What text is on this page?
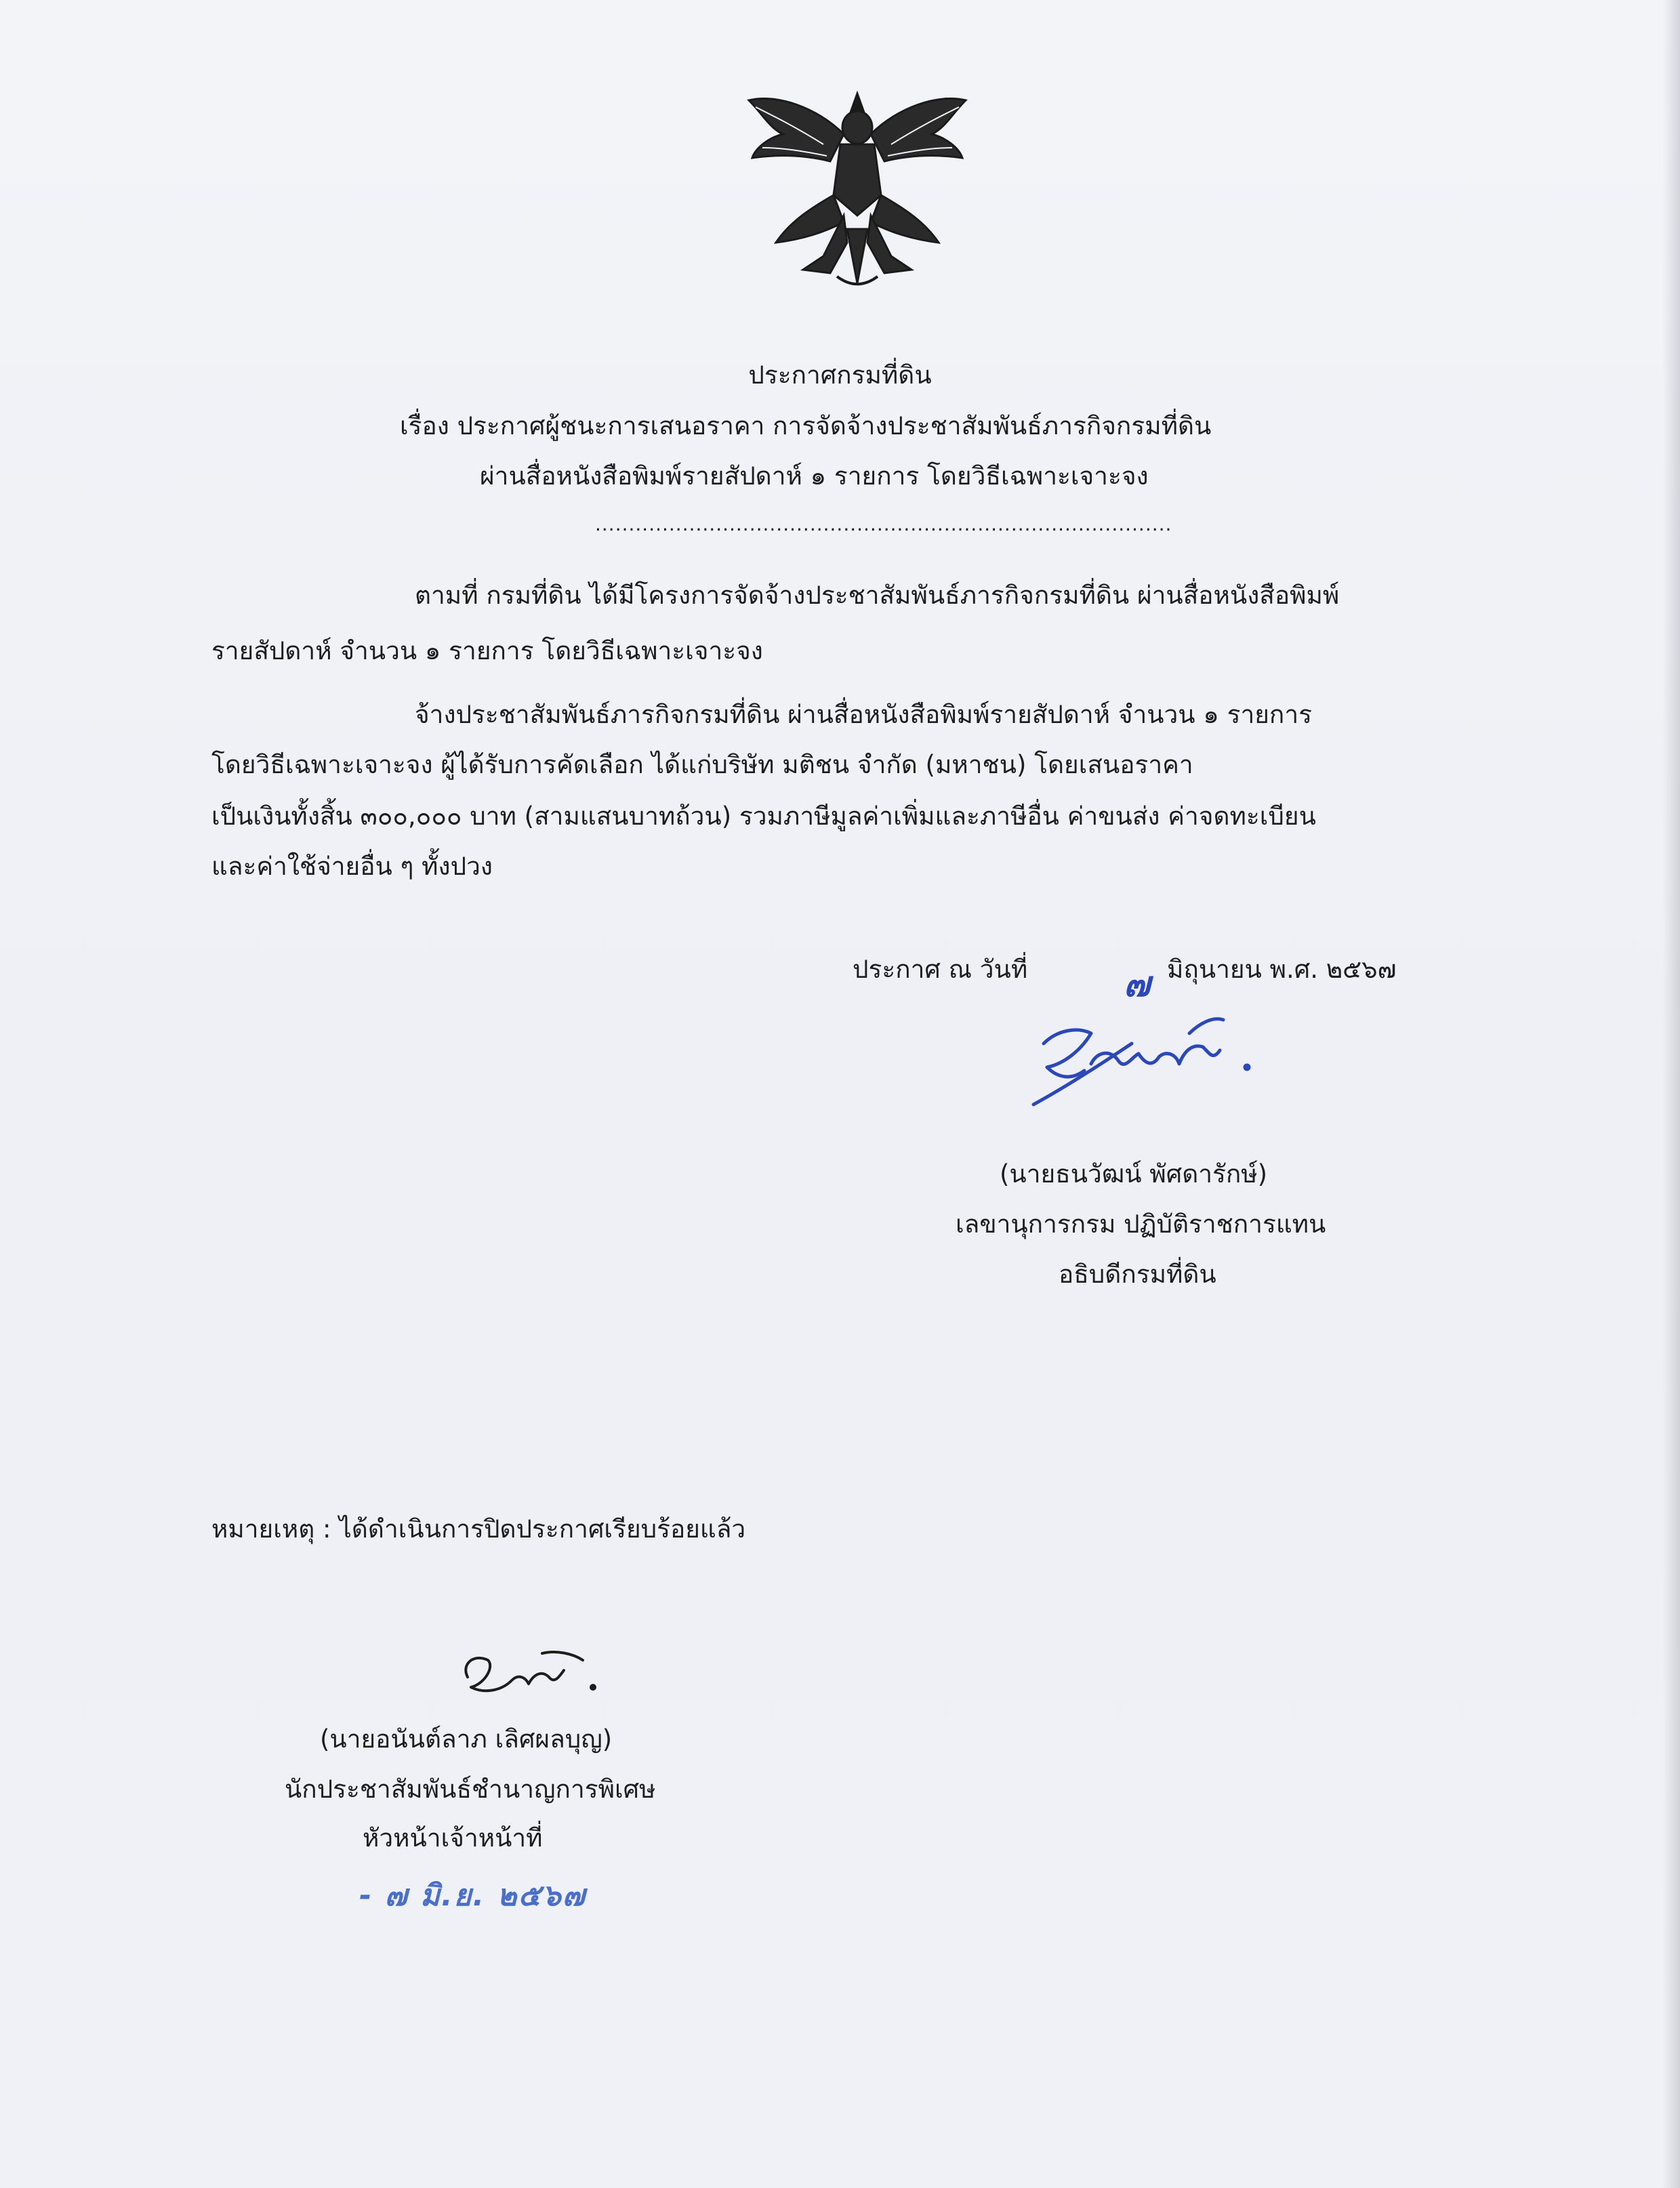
ประกาศกรมที่ดิน
เรื่อง ประกาศผู้ชนะการเสนอราคา การจัดจ้างประชาสัมพันธ์ภารกิจกรมที่ดิน
ผ่านสื่อหนังสือพิมพ์รายสัปดาห์ ๑ รายการ โดยวิธีเฉพาะเจาะจง
......................................................................................
ตามที่ กรมที่ดิน ได้มีโครงการจัดจ้างประชาสัมพันธ์ภารกิจกรมที่ดิน ผ่านสื่อหนังสือพิมพ์
รายสัปดาห์ จำนวน ๑ รายการ โดยวิธีเฉพาะเจาะจง
จ้างประชาสัมพันธ์ภารกิจกรมที่ดิน ผ่านสื่อหนังสือพิมพ์รายสัปดาห์ จำนวน ๑ รายการ
โดยวิธีเฉพาะเจาะจง ผู้ได้รับการคัดเลือก ได้แก่บริษัท มติชน จำกัด (มหาชน) โดยเสนอราคา
เป็นเงินทั้งสิ้น ๓๐๐,๐๐๐ บาท (สามแสนบาทถ้วน) รวมภาษีมูลค่าเพิ่มและภาษีอื่น ค่าขนส่ง ค่าจดทะเบียน
และค่าใช้จ่ายอื่น ๆ ทั้งปวง
ประกาศ ณ วันที่	๗ มิถุนายน พ.ศ. ๒๕๖๗
(นายธนวัฒน์ พัศดารักษ์)
เลขานุการกรม ปฏิบัติราชการแทน
อธิบดีกรมที่ดิน
หมายเหตุ : ได้ดำเนินการปิดประกาศเรียบร้อยแล้ว
(นายอนันต์ลาภ เลิศผลบุญ)
นักประชาสัมพันธ์ชำนาญการพิเศษ
หัวหน้าเจ้าหน้าที่
- ๗ มิ.ย. ๒๕๖๗
